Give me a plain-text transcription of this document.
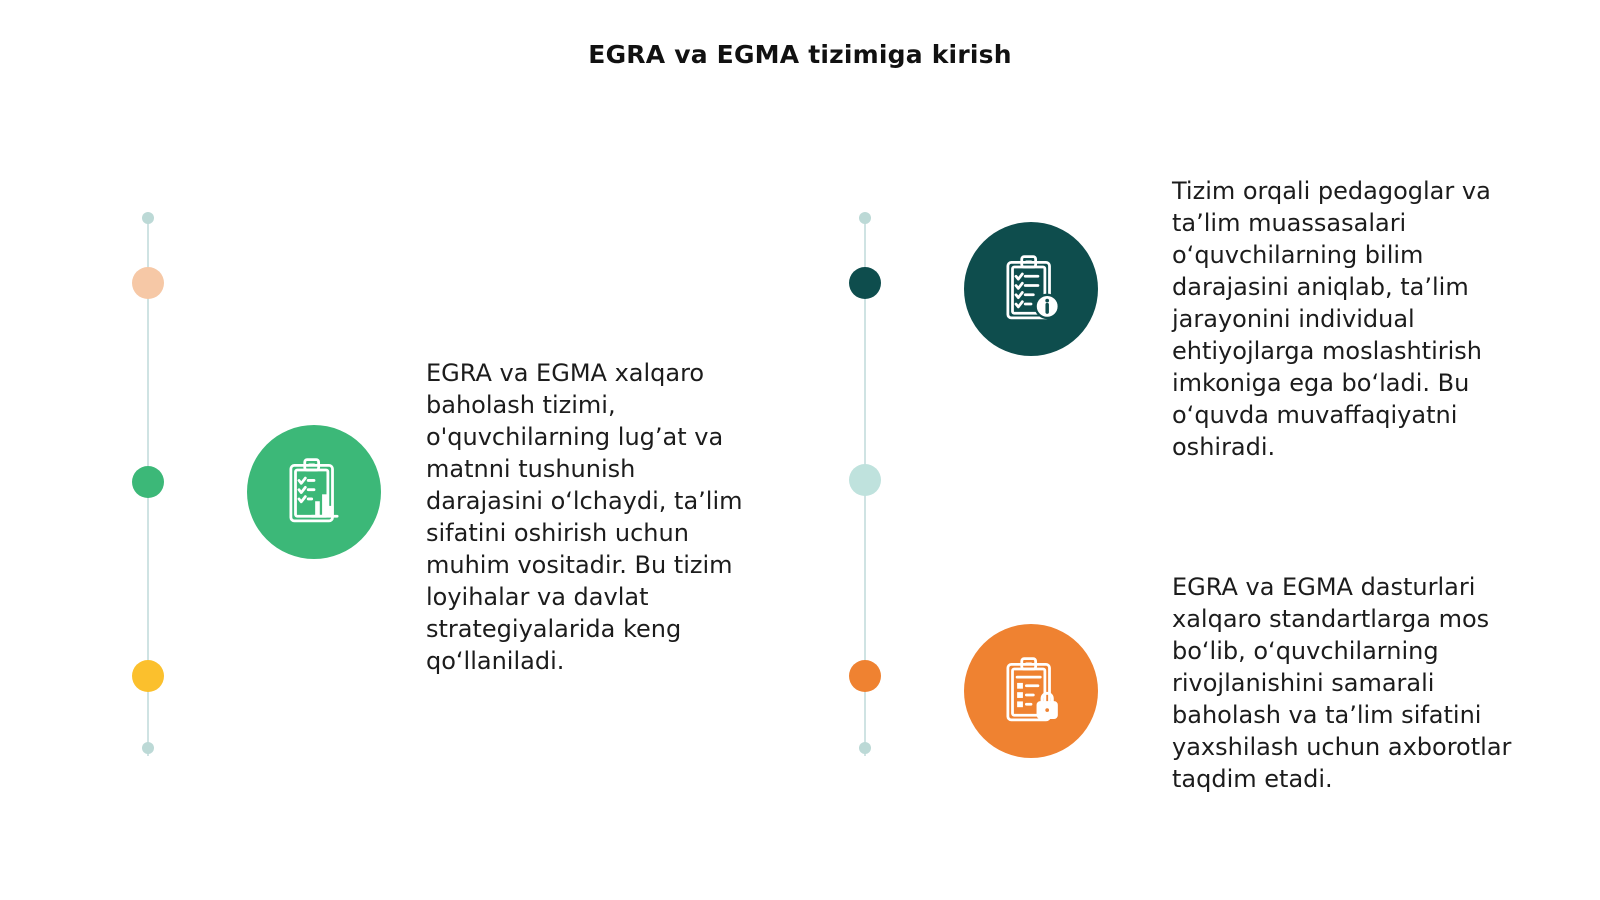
EGRA va EGMA tizimiga kirish
EGRA va EGMA xalqaro baholash tizimi, o'quvchilarning lug’at va matnni tushunish darajasini o‘lchaydi, ta’lim sifatini oshirish uchun muhim vositadir. Bu tizim loyihalar va davlat strategiyalarida keng qo‘llaniladi.
Tizim orqali pedagoglar va ta’lim muassasalari o‘quvchilarning bilim darajasini aniqlab, ta’lim jarayonini individual ehtiyojlarga moslashtirish imkoniga ega bo‘ladi. Bu o‘quvda muvaffaqiyatni oshiradi.
EGRA va EGMA dasturlari xalqaro standartlarga mos bo‘lib, o‘quvchilarning rivojlanishini samarali baholash va ta’lim sifatini yaxshilash uchun axborotlar taqdim etadi.
